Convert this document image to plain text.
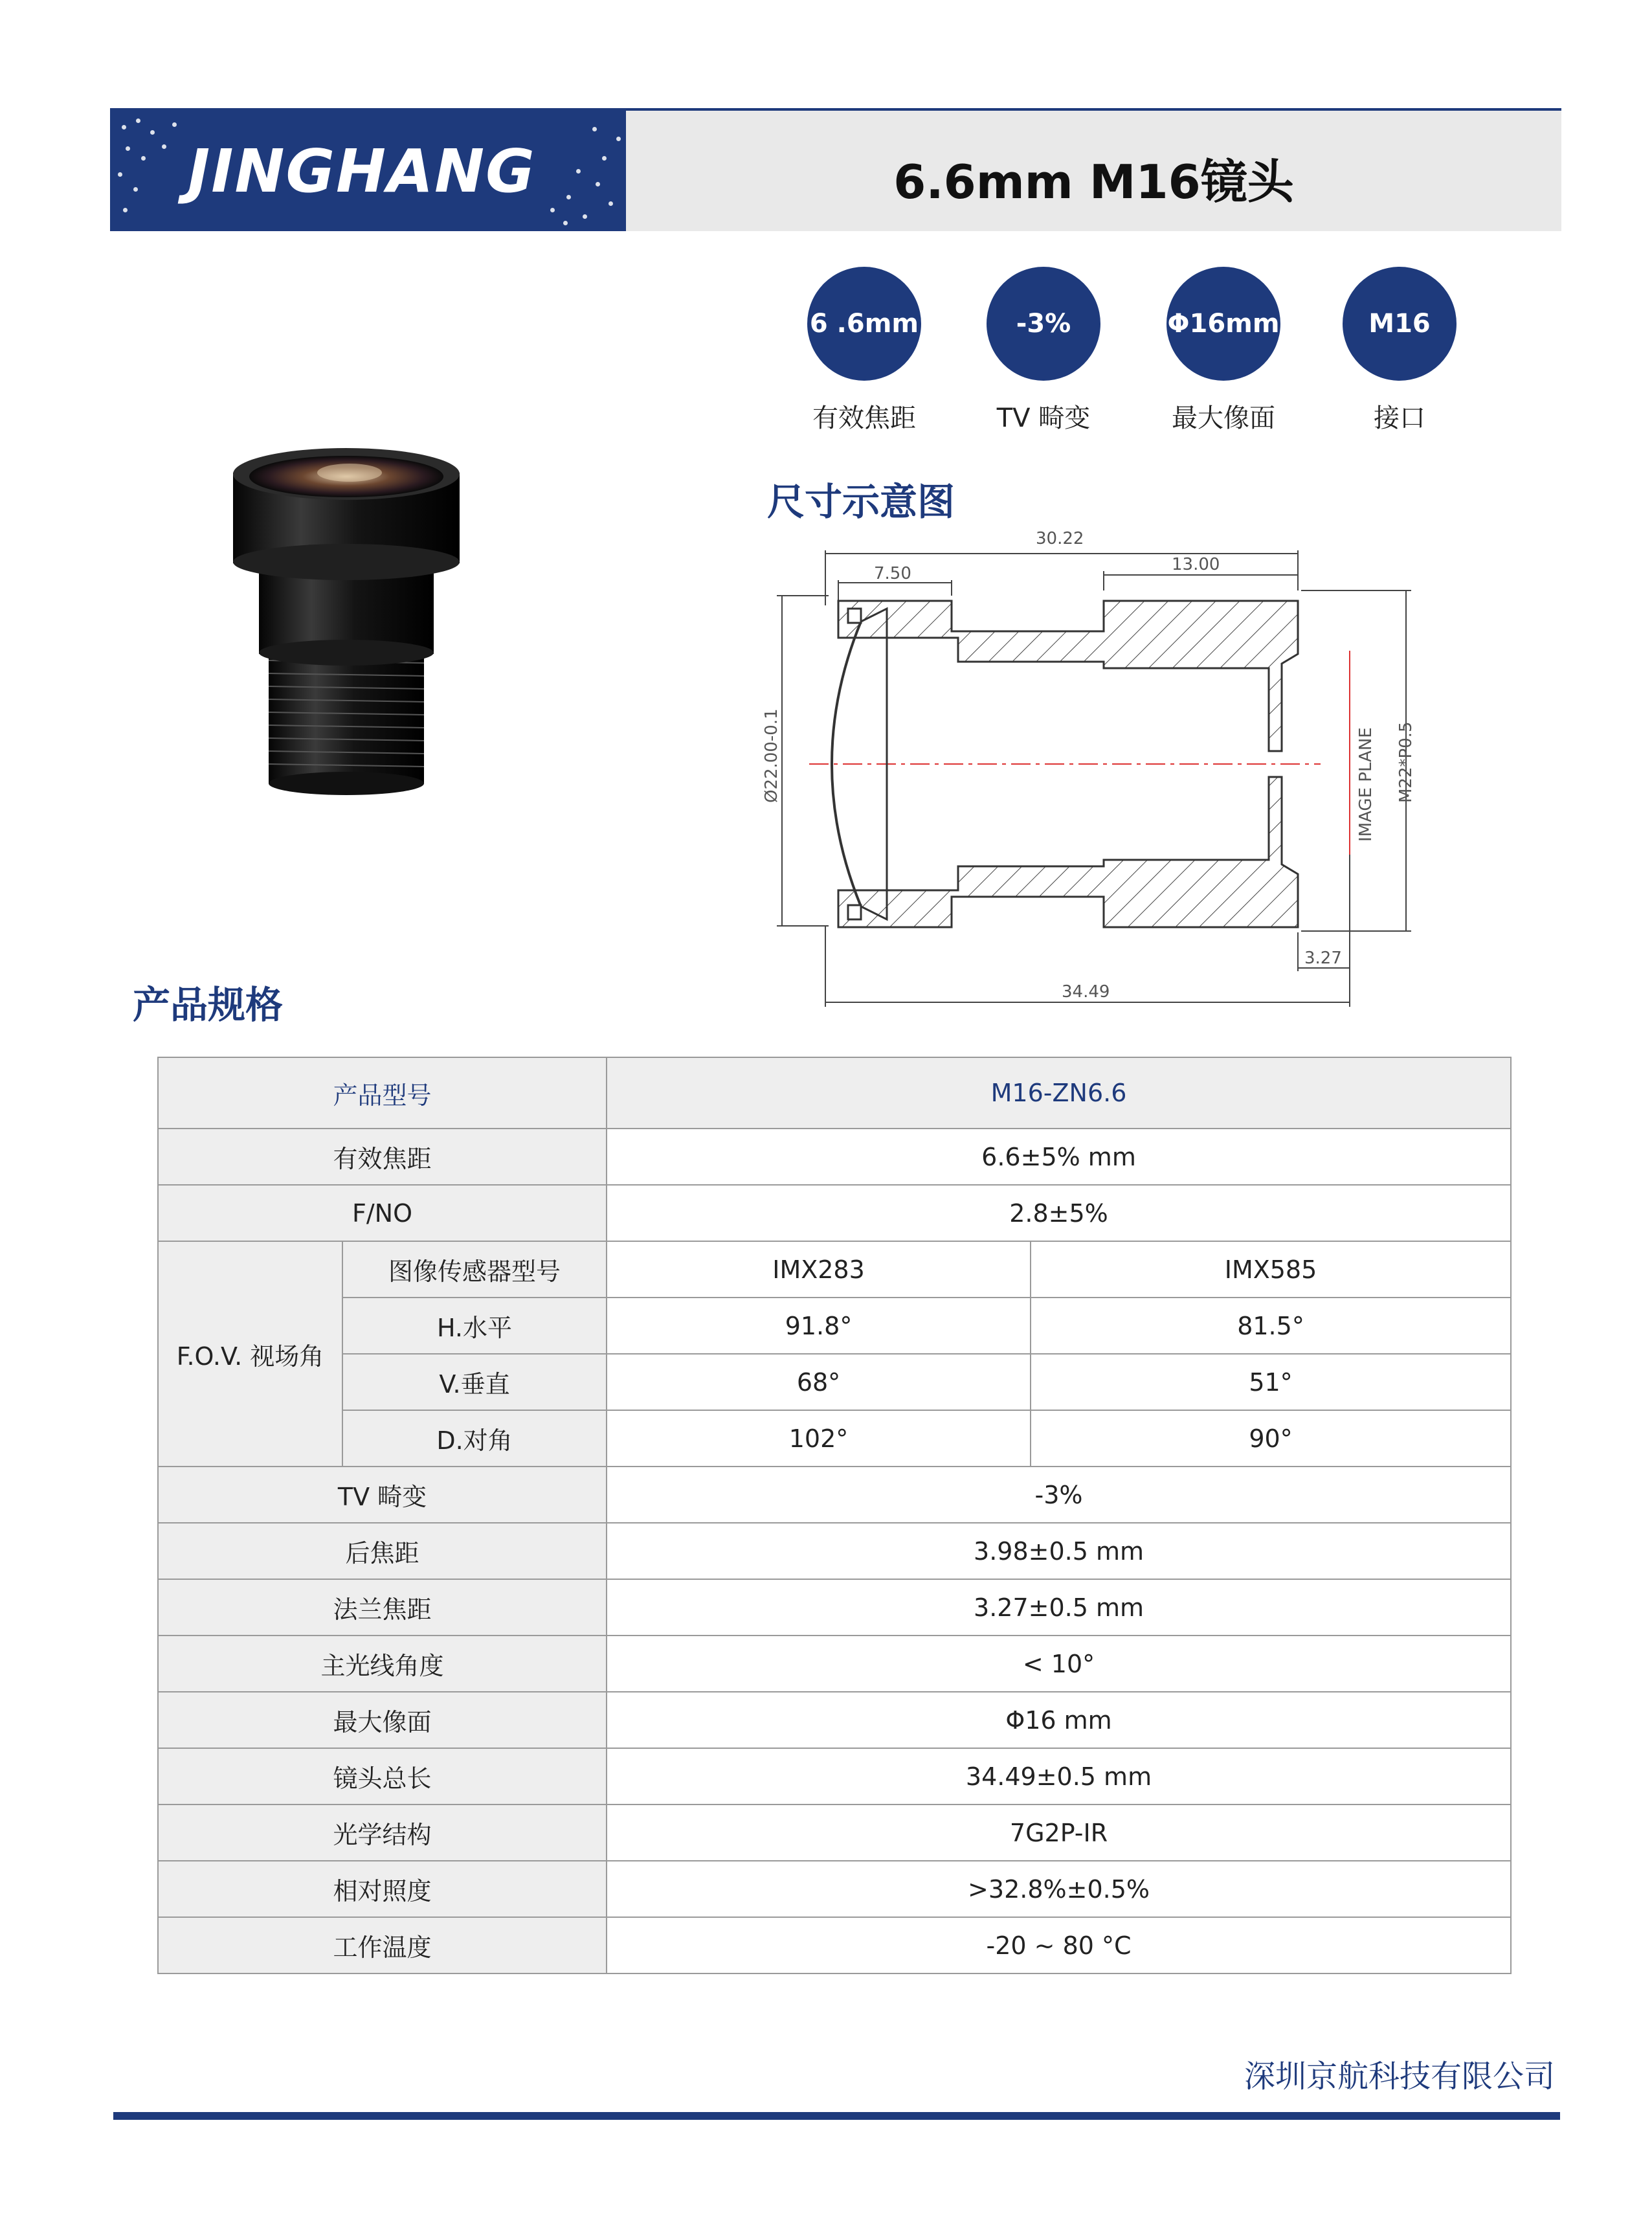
JINGHANG	6.6mm M16镜头
6 .6mm
有效焦距
-3%
TV 畸变
Φ16mm
最大像面
M16
接口
尺寸示意图
30.22
7.50	13.00
Ø22.00-0.1	IMAGE PLANE M22*P0.5
3.27
34.49
产品规格
产品型号		M16-ZN6.6	
有效焦距		6.6±5% mm	
F/NO		2.8±5%	
F.O.V. 视场角	图像传感器型号	IMX283	IMX585
	H.水平	91.8°	81.5°
	V.垂直	68°	51°
	D.对角	102°	90°
TV 畸变		-3%	
后焦距		3.98±0.5 mm	
法兰焦距		3.27±0.5 mm	
主光线角度		< 10°	
最大像面		Φ16 mm	
镜头总长		34.49±0.5 mm	
光学结构		7G2P-IR	
相对照度		>32.8%±0.5%	
工作温度		-20 ~ 80 °C	
深圳京航科技有限公司
